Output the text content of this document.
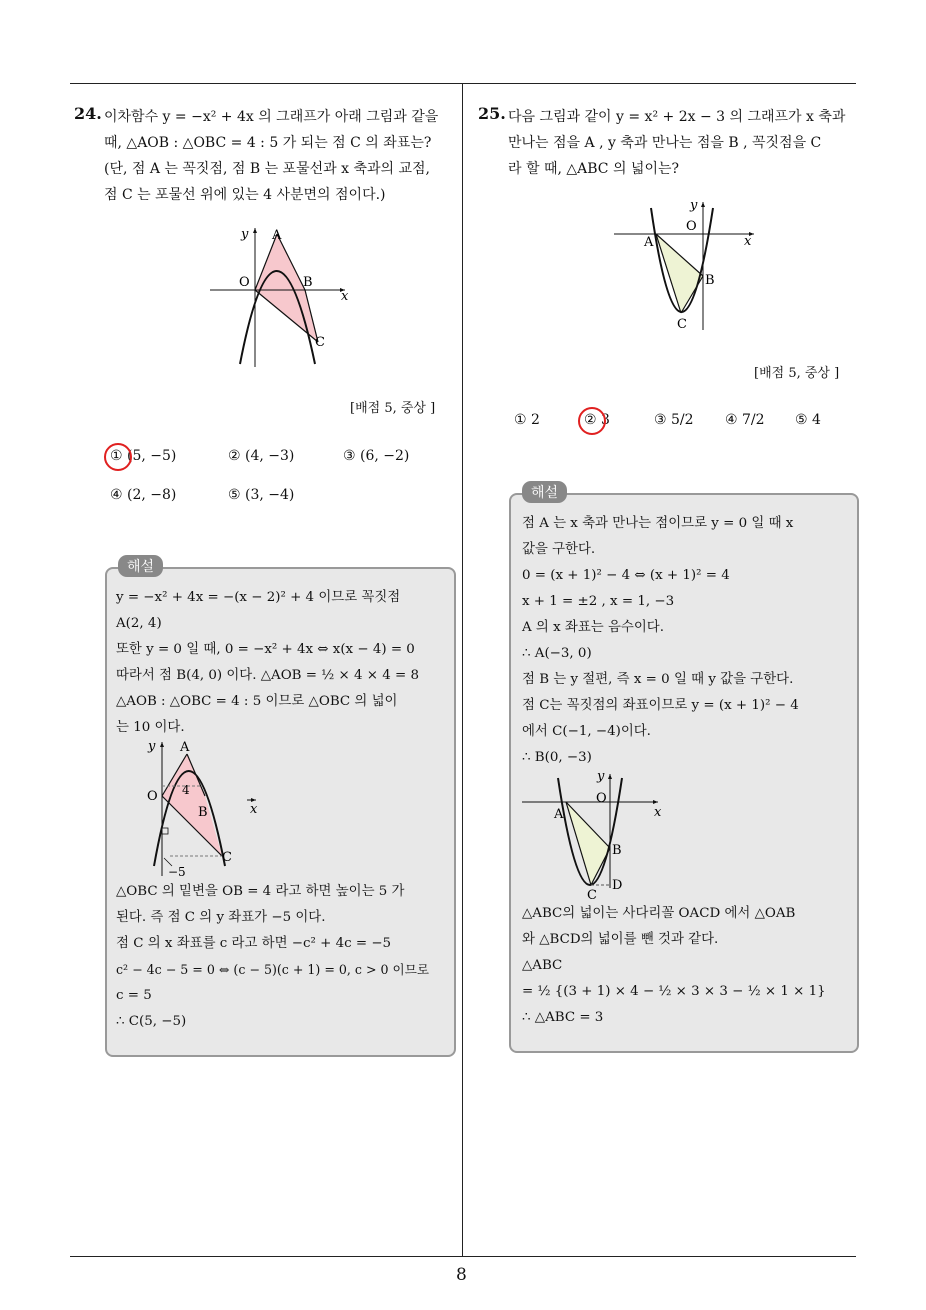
24. 이차함수 y = −x² + 4x 의 그래프가 아래 그림과 같을
때, △AOB : △OBC = 4 : 5 가 되는 점 C 의 좌표는?
(단, 점 A 는 꼭짓점, 점 B 는 포물선과 x 축과의 교점,
점 C 는 포물선 위에 있는 4 사분면의 점이다.)
y A
O	B
x
C
[배점 5, 중상 ]
① (5, −5)	② (4, −3)	③ (6, −2)
④ (2, −8)	⑤ (3, −4)
해설
y = −x² + 4x = −(x − 2)² + 4 이므로 꼭짓점
A(2, 4)
또한 y = 0 일 때, 0 = −x² + 4x ⇔ x(x − 4) = 0
따라서 점 B(4, 0) 이다. △AOB = ½ × 4 × 4 = 8
△AOB : △OBC = 4 : 5 이므로 △OBC 의 넓이
는 10 이다.
y A
O 4
B	x
C
−5
△OBC 의 밑변을 OB = 4 라고 하면 높이는 5 가
된다. 즉 점 C 의 y 좌표가 −5 이다.
점 C 의 x 좌표를 c 라고 하면 −c² + 4c = −5
c² − 4c − 5 = 0 ⇔ (c − 5)(c + 1) = 0, c > 0 이므로
c = 5
∴ C(5, −5)
25. 다음 그림과 같이 y = x² + 2x − 3 의 그래프가 x 축과
만나는 점을 A , y 축과 만나는 점을 B , 꼭짓점을 C
라 할 때, △ABC 의 넓이는?
y
O
A	x
B
C
[배점 5, 중상 ]
① 2	② 3	③ 5/2 ④ 7/2 ⑤ 4
해설
점 A 는 x 축과 만나는 점이므로 y = 0 일 때 x
값을 구한다.
0 = (x + 1)² − 4 ⇔ (x + 1)² = 4
x + 1 = ±2 , x = 1, −3
A 의 x 좌표는 음수이다.
∴ A(−3, 0)
점 B 는 y 절편, 즉 x = 0 일 때 y 값을 구한다.
점 C는 꼭짓점의 좌표이므로 y = (x + 1)² − 4
에서 C(−1, −4)이다.
∴ B(0, −3)
y
O
A	x
B
C
D
△ABC의 넓이는 사다리꼴 OACD 에서 △OAB
와 △BCD의 넓이를 뺀 것과 같다.
△ABC
= ½ {(3 + 1) × 4 − ½ × 3 × 3 − ½ × 1 × 1}
∴ △ABC = 3
8
